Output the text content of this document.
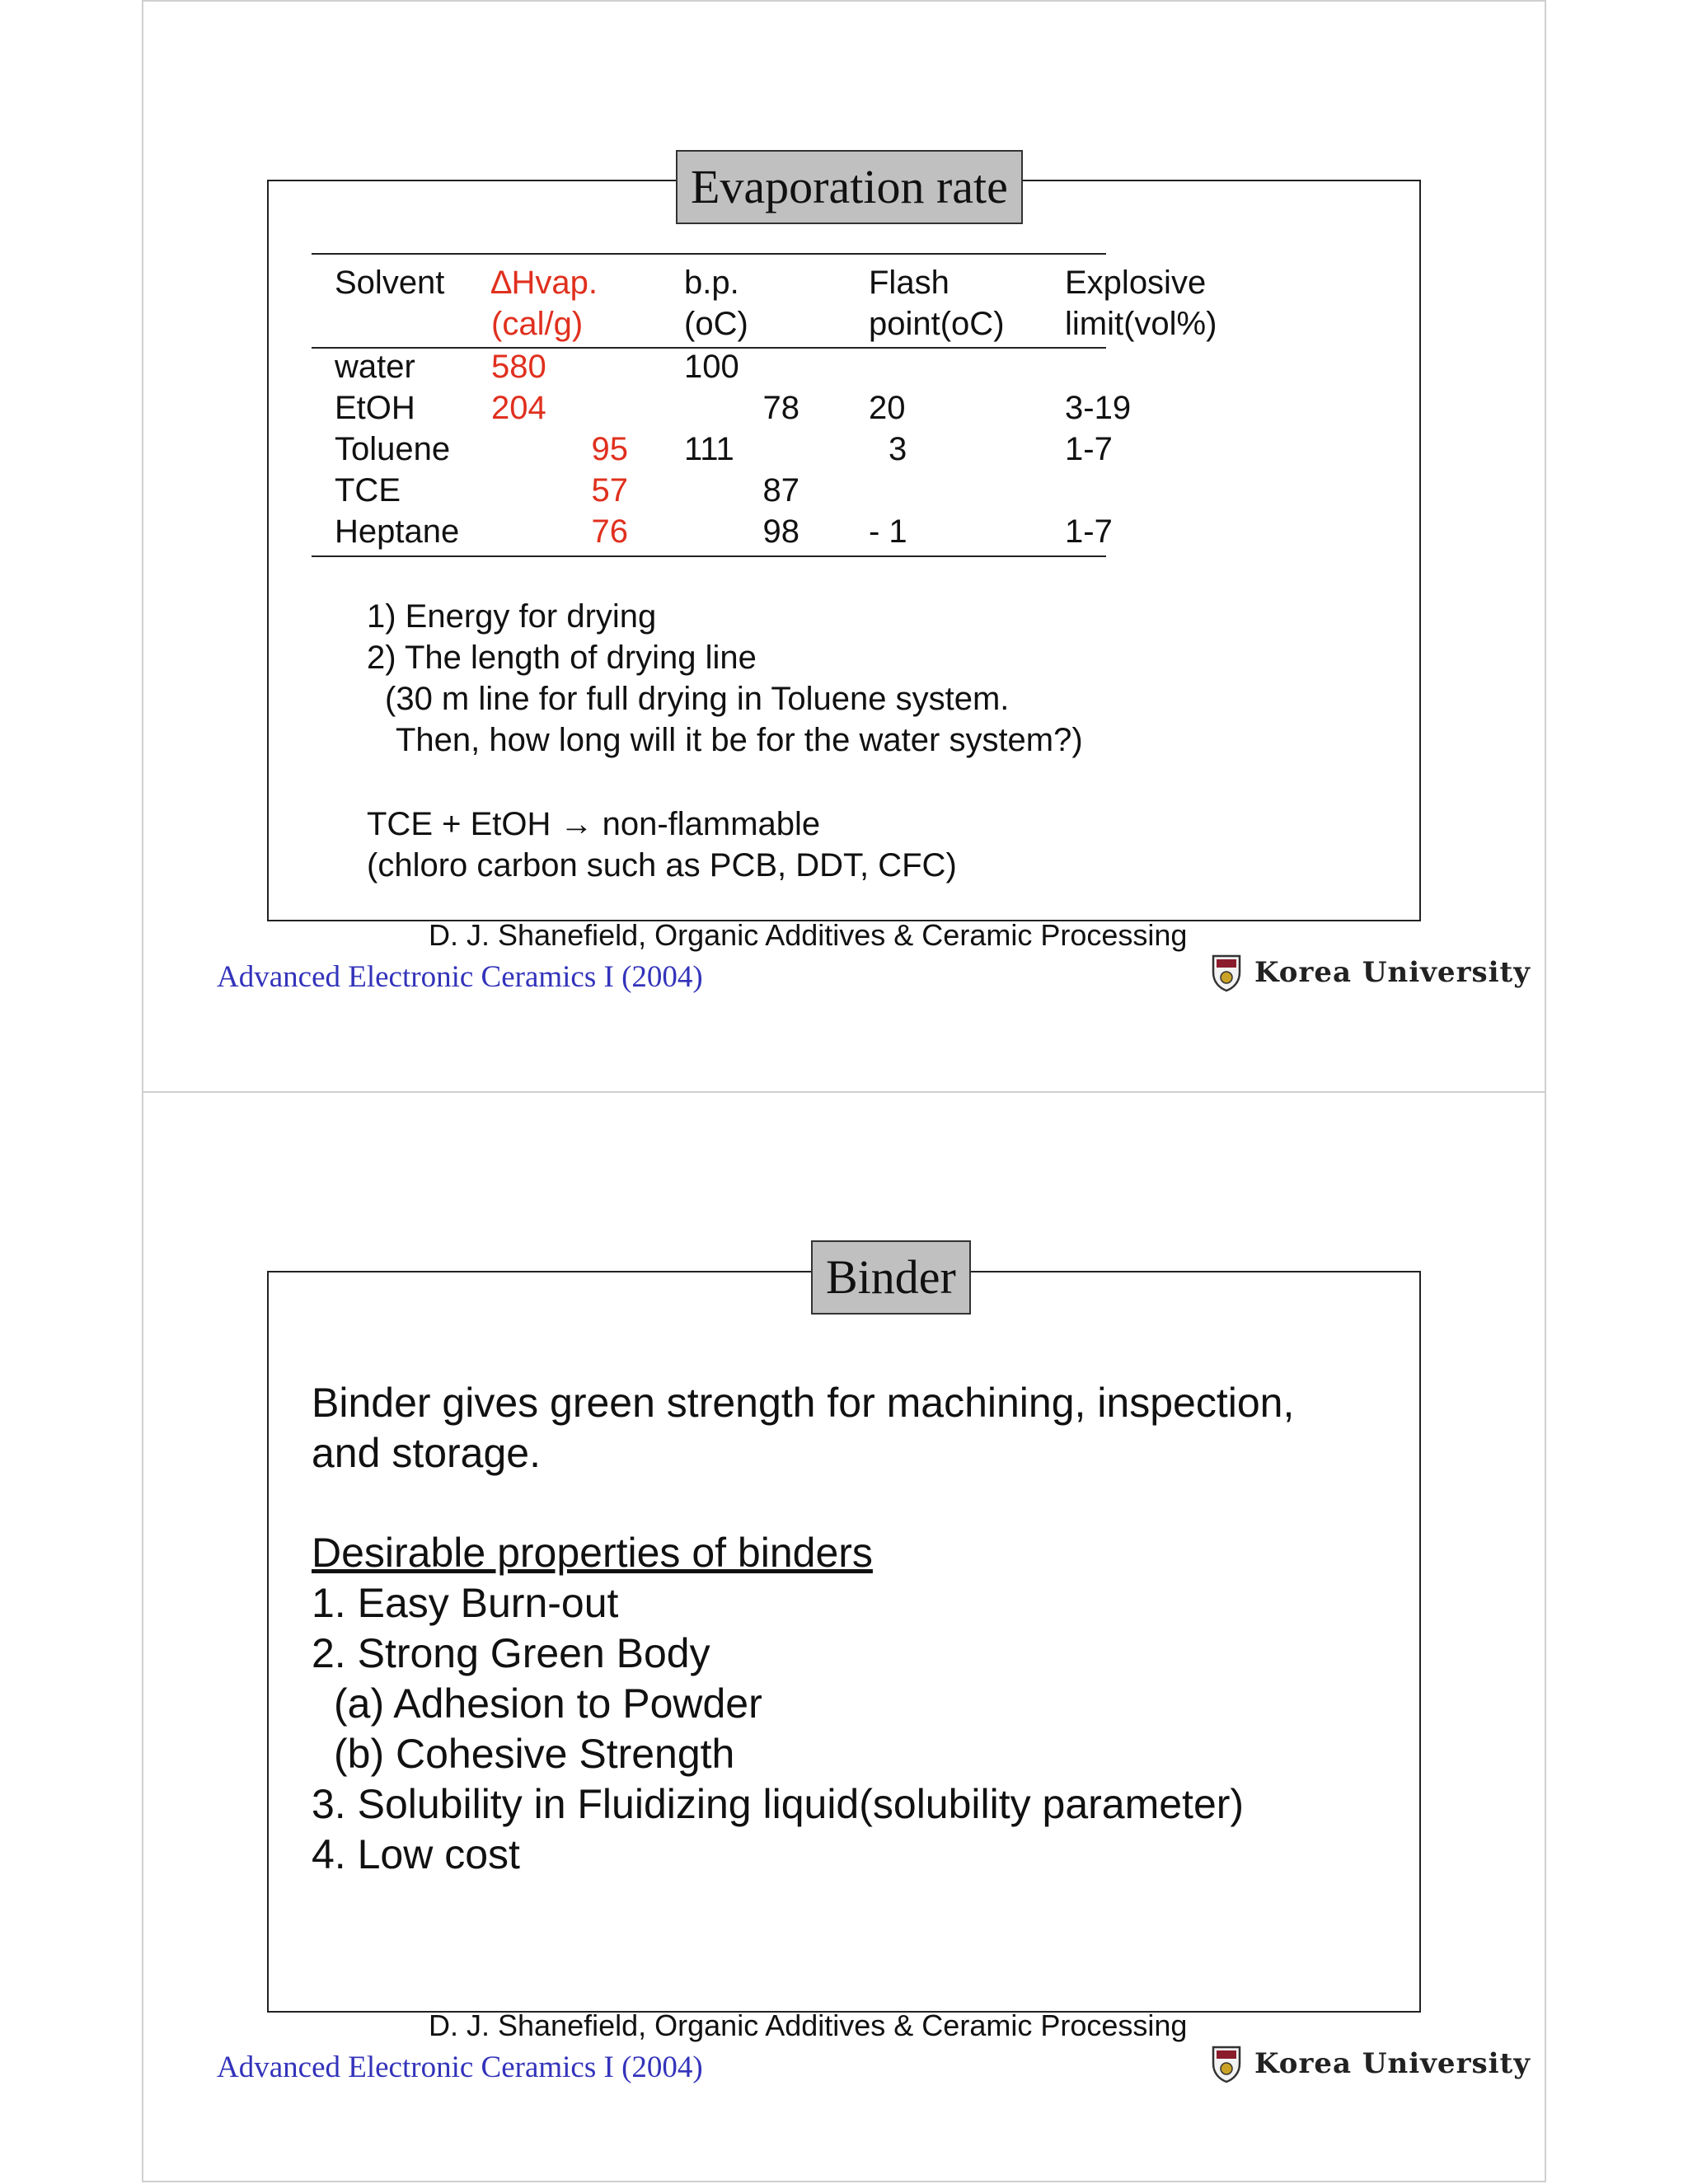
Evaporation rate
Solvent	∆Hvap.	b.p.	Flash	Explosive
	(cal/g)	(oC)	point(oC)	limit(vol%)
water	580	100		
EtOH	204	78	20	3-19
Toluene	95	111	3	1-7
TCE	57	87		
Heptane	76	98	- 1	1-7
1) Energy for drying
2) The length of drying line
(30 m line for full drying in Toluene system.
Then, how long will it be for the water system?)
TCE + EtOH → non-flammable
(chloro carbon such as PCB, DDT, CFC)
D. J. Shanefield, Organic Additives & Ceramic Processing
Advanced Electronic Ceramics I (2004)	Korea University
Binder
Binder gives green strength for machining, inspection,
and storage.
Desirable properties of binders
1. Easy Burn-out
2. Strong Green Body
(a) Adhesion to Powder
(b) Cohesive Strength
3. Solubility in Fluidizing liquid(solubility parameter)
4. Low cost
D. J. Shanefield, Organic Additives & Ceramic Processing
Advanced Electronic Ceramics I (2004)	Korea University
